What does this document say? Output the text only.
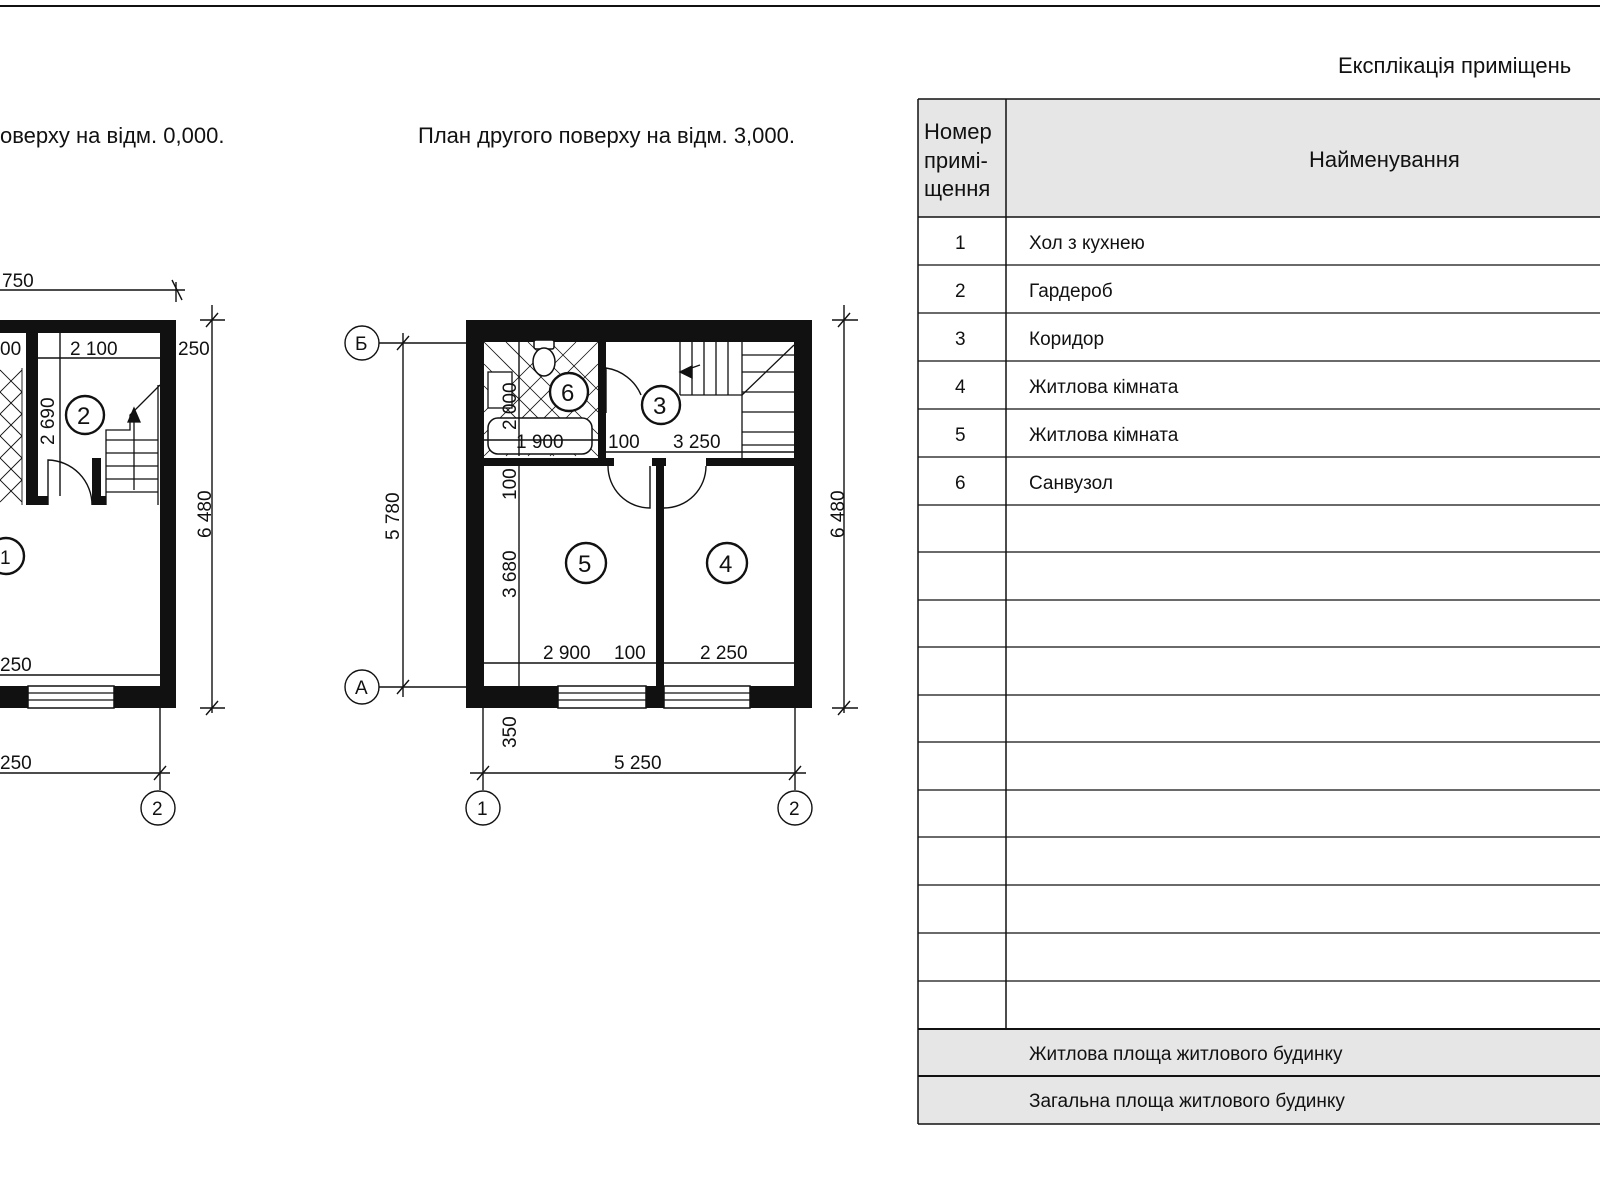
оверху на відм. 0,000.
750
00	2 100	250
2 690
6 480
1
2
250
250
2
План другого поверху на відм. 3,000.
Б
А
5 780
6
2 000
1 900
3
100 3 250
100
3 680
2 900 100	2 250
5	4
6 480
350
5 250
1	2
Експлікація приміщень
Номер
примі-
щення
Найменування
1	Хол з кухнею
2	Гардероб
3	Коридор
4	Житлова кімната
5	Житлова кімната
6	Санвузол
Житлова площа житлового будинку
Загальна площа житлового будинку
